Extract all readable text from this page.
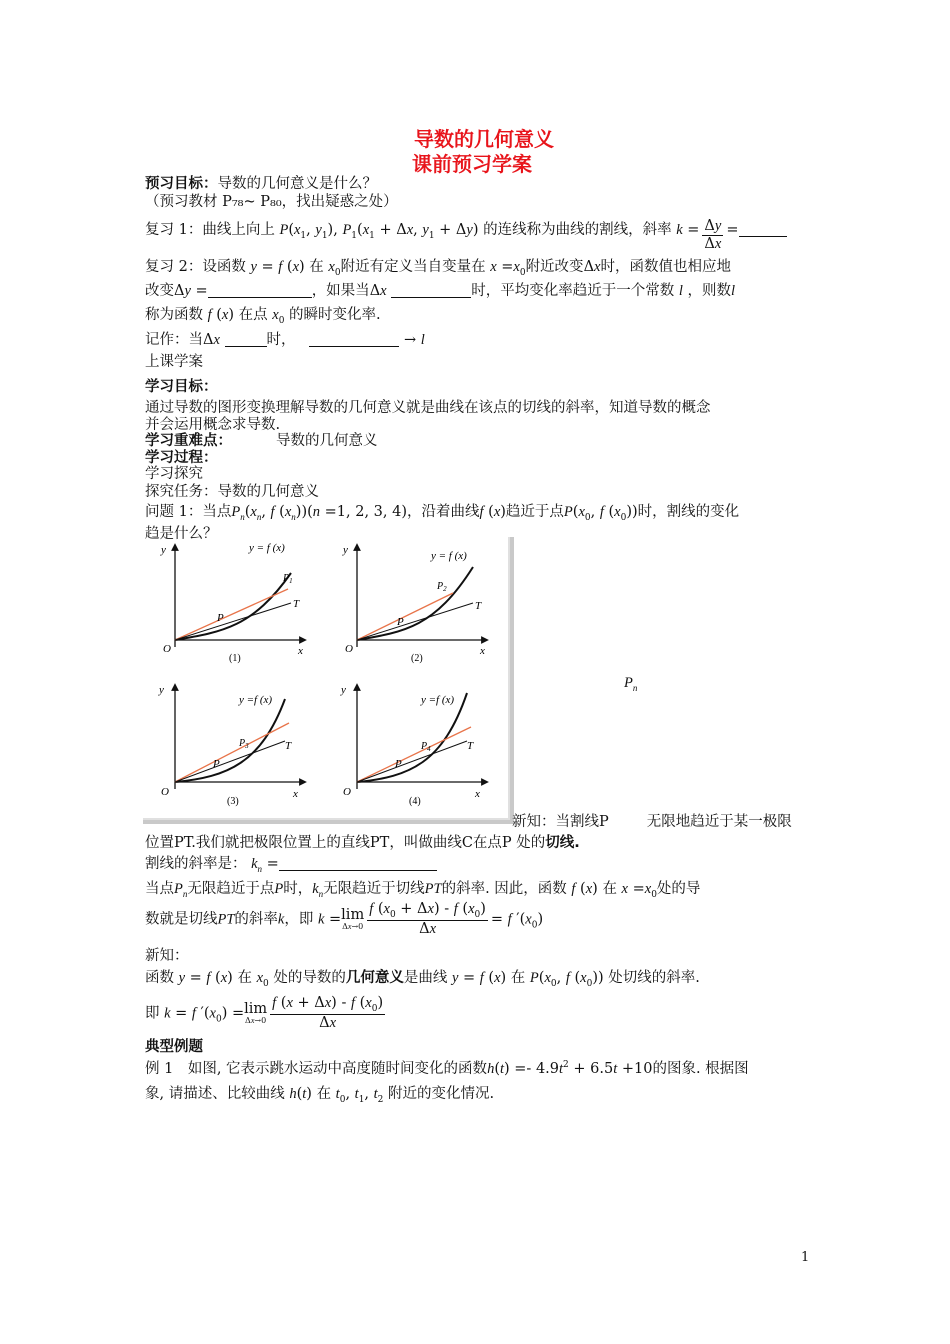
导数的几何意义
课前预习学案
预习目标：导数的几何意义是什么？
（预习教材 P₇₈~ P₈₀，找出疑惑之处）
复习 1：曲线上向上 $P(x_1$, $y_1$), $P_1(x_1 + \Delta x$, $y_1 + \Delta y$) 的连线称为曲线的割线，斜率 $k = \frac{\Delta y}{\Delta x}$ =
复习 2：设函数 y = f (x) 在 $x_0$附近有定义当自变量在 $x =x_0$附近改变Δx时，函数值也相应地
改变Δy =	，如果当Δx	时，平均变化率趋近于一个常数 l ，则数l
称为函数 f (x) 在点 $x_0$ 的瞬时变化率.
记作：当Δx	时，	→ l
上课学案
学习目标：
通过导数的图形变换理解导数的几何意义就是曲线在该点的切线的斜率，知道导数的概念
并会运用概念求导数.
学习重难点：	导数的几何意义
学习过程：
学习探究
探究任务：导数的几何意义
问题 1：当点$P_n(x_n$, f $(x_n))(n =1$, 2, 3, 4)，沿着曲线f (x)趋近于点$P(x_0$, f $(x_0)$)时，割线的变化
趋是什么？
y	y = f (x)
$P_1$
T
P
O	x
(1)
y	y = f (x)
$P_2$
T
P
O	x
(2)
y
y =f (x)
$P_3$	T
P
O	x
(3)
y
y =f (x)
$P_4$	T
P
O	x
(4)
$P_n$
新知：当割线P	无限地趋近于某一极限
位置PT.我们就把极限位置上的直线PT，叫做曲线C在点P 处的切线.
割线的斜率是： $k_n$ =
当点$P_n$无限趋近于点P时，$k_n$无限趋近于切线PT的斜率. 因此，函数 f (x) 在 $x =x_0$处的导
数就是切线PT的斜率k，即 k =lim
$\Delta x\to 0 \frac{f (x_0 + \Delta x) - f (x_0)}{\Delta x} = f$ $'(x_0)$
新知：
函数 y = f (x) 在 $x_0$ 处的导数的几何意义是曲线 y = f (x) 在 $P(x_0$, f $(x_0)$) 处切线的斜率.
即 k = f $'(x_0) =\lim$
$\Delta x\to 0 \frac{f (x + \Delta x) - f (x_0)}{\Delta x}$
典型例题
例 1　如图, 它表示跳水运动中高度随时间变化的函数$h(t) =- 4.9t^2 + 6.5t +10$的图象. 根据图
象, 请描述、比较曲线 h(t) 在 $t_0$, $t_1$, $t_2$ 附近的变化情况.
1
